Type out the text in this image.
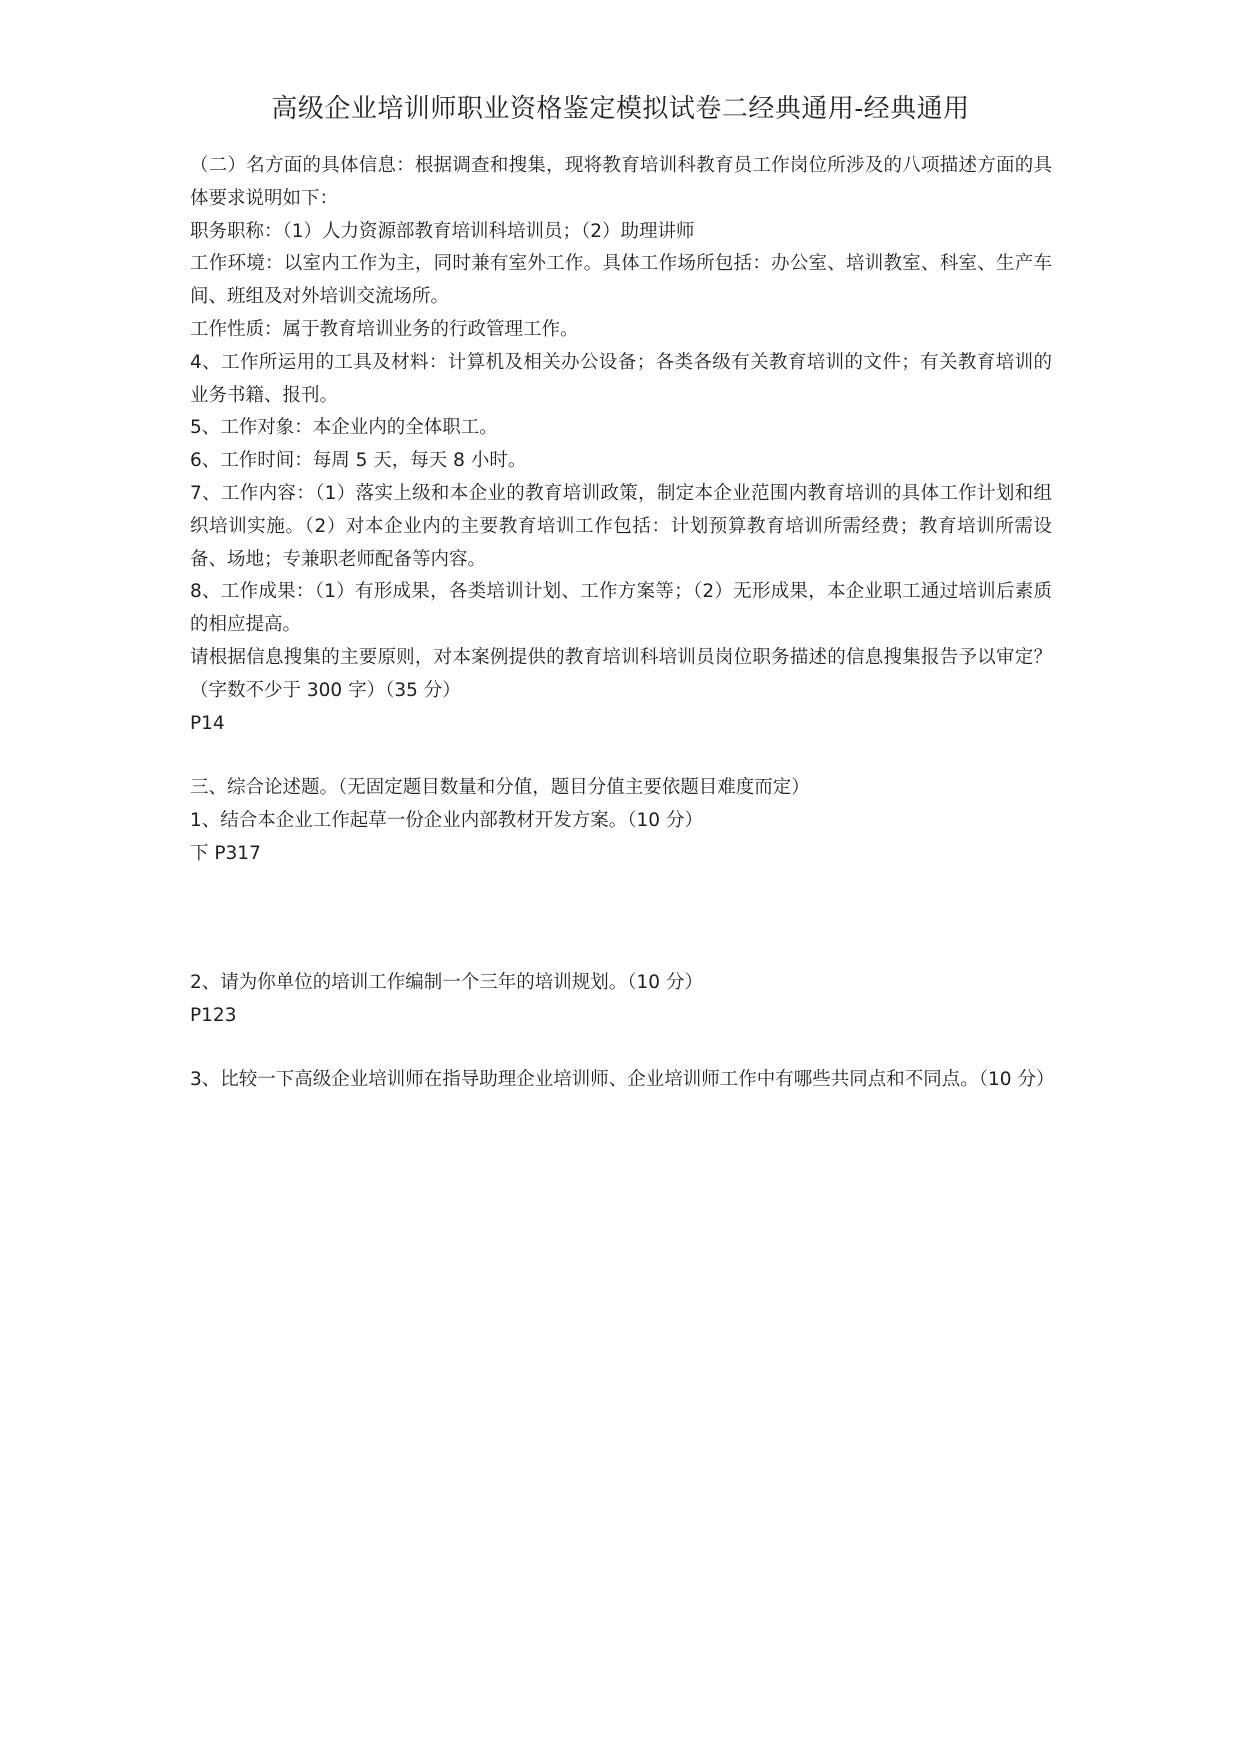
高级企业培训师职业资格鉴定模拟试卷二经典通用-经典通用

（二）名方面的具体信息：根据调查和搜集，现将教育培训科教育员工作岗位所涉及的八项描述方面的具体要求说明如下：

职务职称：（1）人力资源部教育培训科培训员；（2）助理讲师

工作环境：以室内工作为主，同时兼有室外工作。具体工作场所包括：办公室、培训教室、科室、生产车间、班组及对外培训交流场所。

工作性质：属于教育培训业务的行政管理工作。

4、工作所运用的工具及材料：计算机及相关办公设备；各类各级有关教育培训的文件；有关教育培训的业务书籍、报刊。

5、工作对象：本企业内的全体职工。

6、工作时间：每周 5 天，每天 8 小时。

7、工作内容：（1）落实上级和本企业的教育培训政策，制定本企业范围内教育培训的具体工作计划和组织培训实施。（2）对本企业内的主要教育培训工作包括：计划预算教育培训所需经费；教育培训所需设备、场地；专兼职老师配备等内容。

8、工作成果：（1）有形成果，各类培训计划、工作方案等；（2）无形成果，本企业职工通过培训后素质的相应提高。

请根据信息搜集的主要原则，对本案例提供的教育培训科培训员岗位职务描述的信息搜集报告予以审定？（字数不少于 300 字）（35 分）

P14

三、综合论述题。（无固定题目数量和分值，题目分值主要依题目难度而定）

1、结合本企业工作起草一份企业内部教材开发方案。（10 分）

下 P317

2、请为你单位的培训工作编制一个三年的培训规划。（10 分）

P123

3、比较一下高级企业培训师在指导助理企业培训师、企业培训师工作中有哪些共同点和不同点。（10 分）
